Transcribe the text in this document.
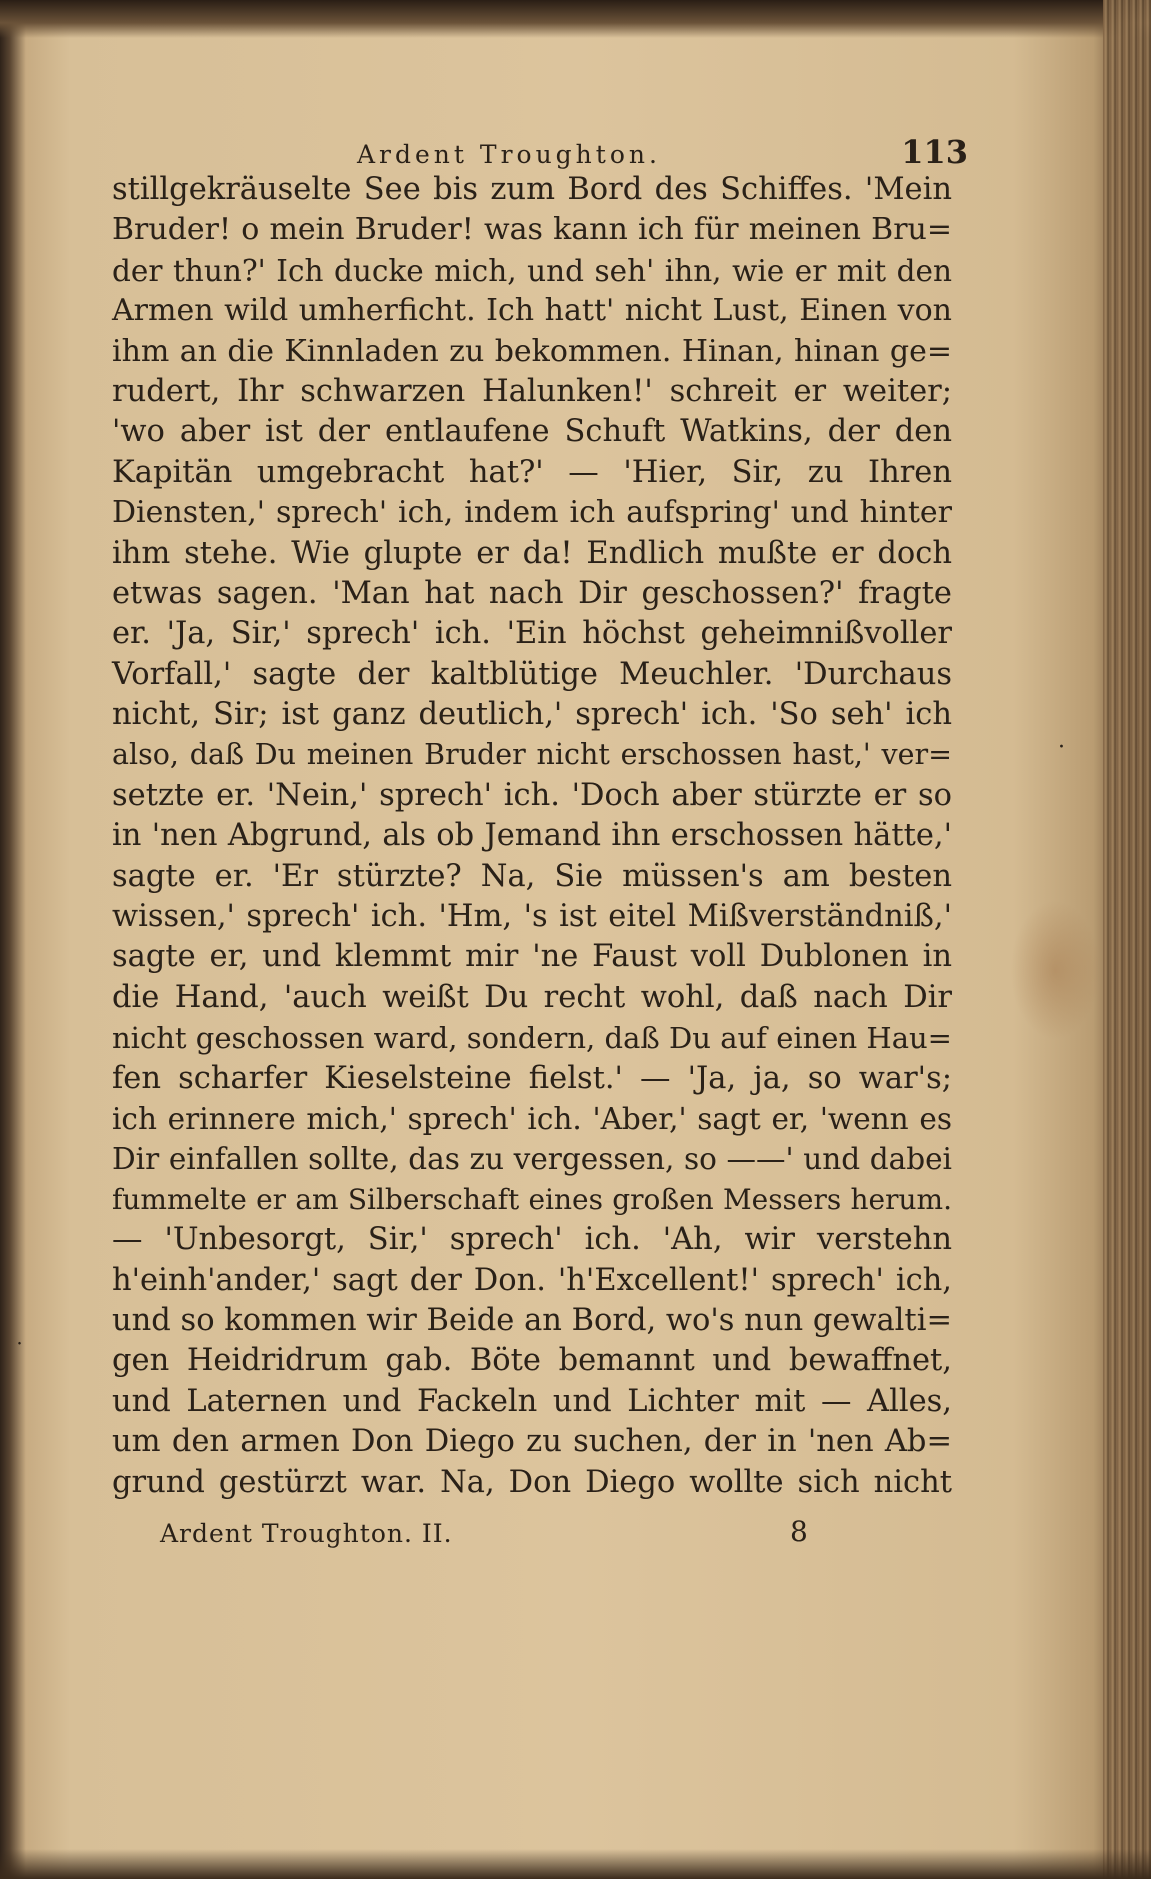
Ardent Troughton.	113
stillgekräuselte See bis zum Bord des Schiffes. 'Mein
Bruder! o mein Bruder! was kann ich für meinen Bru=
der thun?' Ich ducke mich, und seh' ihn, wie er mit den
Armen wild umherficht. Ich hatt' nicht Lust, Einen von
ihm an die Kinnladen zu bekommen. Hinan, hinan ge=
rudert, Ihr schwarzen Halunken!' schreit er weiter;
'wo aber ist der entlaufene Schuft Watkins, der den
Kapitän umgebracht hat?' — 'Hier, Sir, zu Ihren
Diensten,' sprech' ich, indem ich aufspring' und hinter
ihm stehe. Wie glupte er da! Endlich mußte er doch
etwas sagen. 'Man hat nach Dir geschossen?' fragte
er. 'Ja, Sir,' sprech' ich. 'Ein höchst geheimnißvoller
Vorfall,' sagte der kaltblütige Meuchler. 'Durchaus
nicht, Sir; ist ganz deutlich,' sprech' ich. 'So seh' ich
also, daß Du meinen Bruder nicht erschossen hast,' ver=
setzte er. 'Nein,' sprech' ich. 'Doch aber stürzte er so
in 'nen Abgrund, als ob Jemand ihn erschossen hätte,'
sagte er. 'Er stürzte? Na, Sie müssen's am besten
wissen,' sprech' ich. 'Hm, 's ist eitel Mißverständniß,'
sagte er, und klemmt mir 'ne Faust voll Dublonen in
die Hand, 'auch weißt Du recht wohl, daß nach Dir
nicht geschossen ward, sondern, daß Du auf einen Hau=
fen scharfer Kieselsteine fielst.' — 'Ja, ja, so war's;
ich erinnere mich,' sprech' ich. 'Aber,' sagt er, 'wenn es
Dir einfallen sollte, das zu vergessen, so ——' und dabei
fummelte er am Silberschaft eines großen Messers herum.
— 'Unbesorgt, Sir,' sprech' ich. 'Ah, wir verstehn
h'einh'ander,' sagt der Don. 'h'Excellent!' sprech' ich,
und so kommen wir Beide an Bord, wo's nun gewalti=
gen Heidridrum gab. Böte bemannt und bewaffnet,
und Laternen und Fackeln und Lichter mit — Alles,
um den armen Don Diego zu suchen, der in 'nen Ab=
grund gestürzt war. Na, Don Diego wollte sich nicht
Ardent Troughton. II.	8
·
˙
